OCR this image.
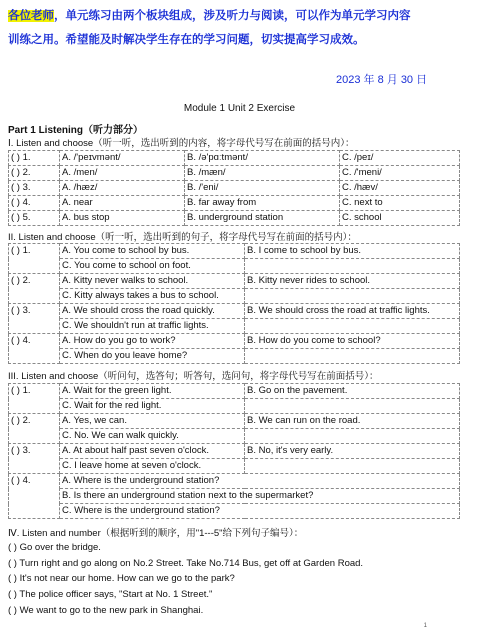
各位老师，单元练习由两个板块组成，涉及听力与阅读，可以作为单元学习内容
训练之用。希望能及时解决学生存在的学习问题，切实提高学习成效。
2023 年 8 月 30 日
Module 1 Unit 2 Exercise
Part 1 Listening（听力部分）
Ⅰ. Listen and choose（听一听，选出听到的内容，将字母代号写在前面的括号内）：
( ) 1.	A. /'peɪvmənt/	B. /ə'pɑːtmənt/	C. /peɪ/
( ) 2.	A. /men/	B. /mæn/	C. /'meni/
( ) 3.	A. /hæz/	B. /'eni/	C. /hæv/
( ) 4.	A. near	B. far away from	C. next to
( ) 5.	A. bus stop	B. underground station	C. school
II. Listen and choose（听一听，选出听到的句子，将字母代号写在前面的括号内）：
( ) 1.	A. You come to school by bus.	B. I come to school by bus.
	C. You come to school on foot.	
( ) 2.	A. Kitty never walks to school.	B. Kitty never rides to school.
	C. Kitty always takes a bus to school.	
( ) 3.	A. We should cross the road quickly.	B. We should cross the road at traffic lights.
	C. We shouldn't run at traffic lights.	
( ) 4.	A. How do you go to work?	B. How do you come to school?
	C. When do you leave home?	
III. Listen and choose（听问句，选答句；听答句，选问句，将字母代号写在前面括号）：
( ) 1.	A. Wait for the green light.	B. Go on the pavement.
	C. Wait for the red light.	
( ) 2.	A. Yes, we can.	B. We can run on the road.
	C. No. We can walk quickly.	
( ) 3.	A. At about half past seven o'clock.	B. No, it's very early.
	C. I leave home at seven o'clock.	
( ) 4.	A. Where is the underground station?	
	B. Is there an underground station next to the supermarket?	
	C. Where is the underground station?	
Ⅳ. Listen and number（根据听到的顺序，用"1---5"给下列句子编号）：
( ) Go over the bridge.
( ) Turn right and go along on No.2 Street. Take No.714 Bus, get off at Garden Road.
( ) It's not near our home. How can we go to the park?
( ) The police officer says, "Start at No. 1 Street."
( ) We want to go to the new park in Shanghai.
1
